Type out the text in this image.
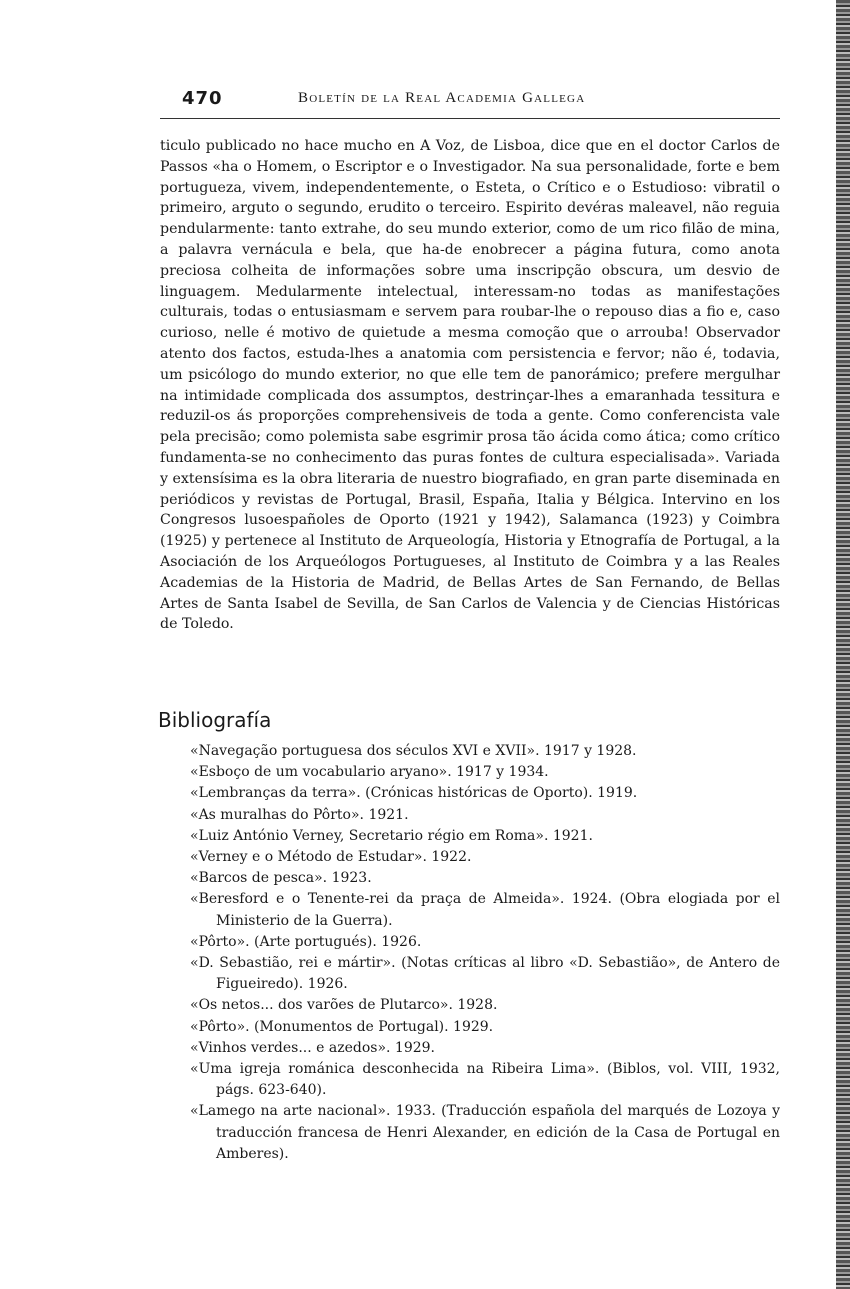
470	Boletín de la Real Academia Gallega

ticulo publicado no hace mucho en A Voz, de Lisboa, dice que en el doctor Carlos de Passos «ha o Homem, o Escriptor e o Investigador. Na sua personalidade, forte e bem portugueza, vivem, independentemente, o Esteta, o Crítico e o Estudioso: vibratil o primeiro, arguto o segundo, erudito o terceiro. Espirito devéras maleavel, não reguia pendularmente: tanto extrahe, do seu mundo exterior, como de um rico filão de mina, a palavra vernácula e bela, que ha-de enobrecer a página futura, como anota preciosa colheita de informações sobre uma inscripção obscura, um desvio de linguagem. Medularmente intelectual, interessam-no todas as manifestações culturais, todas o entusiasmam e servem para roubar-lhe o repouso dias a fio e, caso curioso, nelle é motivo de quietude a mesma comoção que o arrouba! Observador atento dos factos, estuda-lhes a anatomia com persistencia e fervor; não é, todavia, um psicólogo do mundo exterior, no que elle tem de panorámico; prefere mergulhar na intimidade complicada dos assumptos, destrinçar-lhes a emaranhada tessitura e reduzil-os ás proporções comprehensiveis de toda a gente. Como conferencista vale pela precisão; como polemista sabe esgrimir prosa tão ácida como ática; como crítico fundamenta-se no conhecimento das puras fontes de cultura especialisada». Variada y extensísima es la obra literaria de nuestro biografiado, en gran parte diseminada en periódicos y revistas de Portugal, Brasil, España, Italia y Bélgica. Intervino en los Congresos lusoespañoles de Oporto (1921 y 1942), Salamanca (1923) y Coimbra (1925) y pertenece al Instituto de Arqueología, Historia y Etnografía de Portugal, a la Asociación de los Arqueólogos Portugueses, al Instituto de Coimbra y a las Reales Academias de la Historia de Madrid, de Bellas Artes de San Fernando, de Bellas Artes de Santa Isabel de Sevilla, de San Carlos de Valencia y de Ciencias Históricas de Toledo.

Bibliografía
«Navegação portuguesa dos séculos XVI e XVII». 1917 y 1928.
«Esboço de um vocabulario aryano». 1917 y 1934.
«Lembranças da terra». (Crónicas históricas de Oporto). 1919.
«As muralhas do Pôrto». 1921.
«Luiz António Verney, Secretario régio em Roma». 1921.
«Verney e o Método de Estudar». 1922.
«Barcos de pesca». 1923.
«Beresford e o Tenente-rei da praça de Almeida». 1924. (Obra elogiada por el Ministerio de la Guerra).
«Pôrto». (Arte portugués). 1926.
«D. Sebastião, rei e mártir». (Notas críticas al libro «D. Sebastião», de Antero de Figueiredo). 1926.
«Os netos... dos varões de Plutarco». 1928.
«Pôrto». (Monumentos de Portugal). 1929.
«Vinhos verdes... e azedos». 1929.
«Uma igreja románica desconhecida na Ribeira Lima». (Biblos, vol. VIII, 1932, págs. 623-640).
«Lamego na arte nacional». 1933. (Traducción española del marqués de Lozoya y traducción francesa de Henri Alexander, en edición de la Casa de Portugal en Amberes).
